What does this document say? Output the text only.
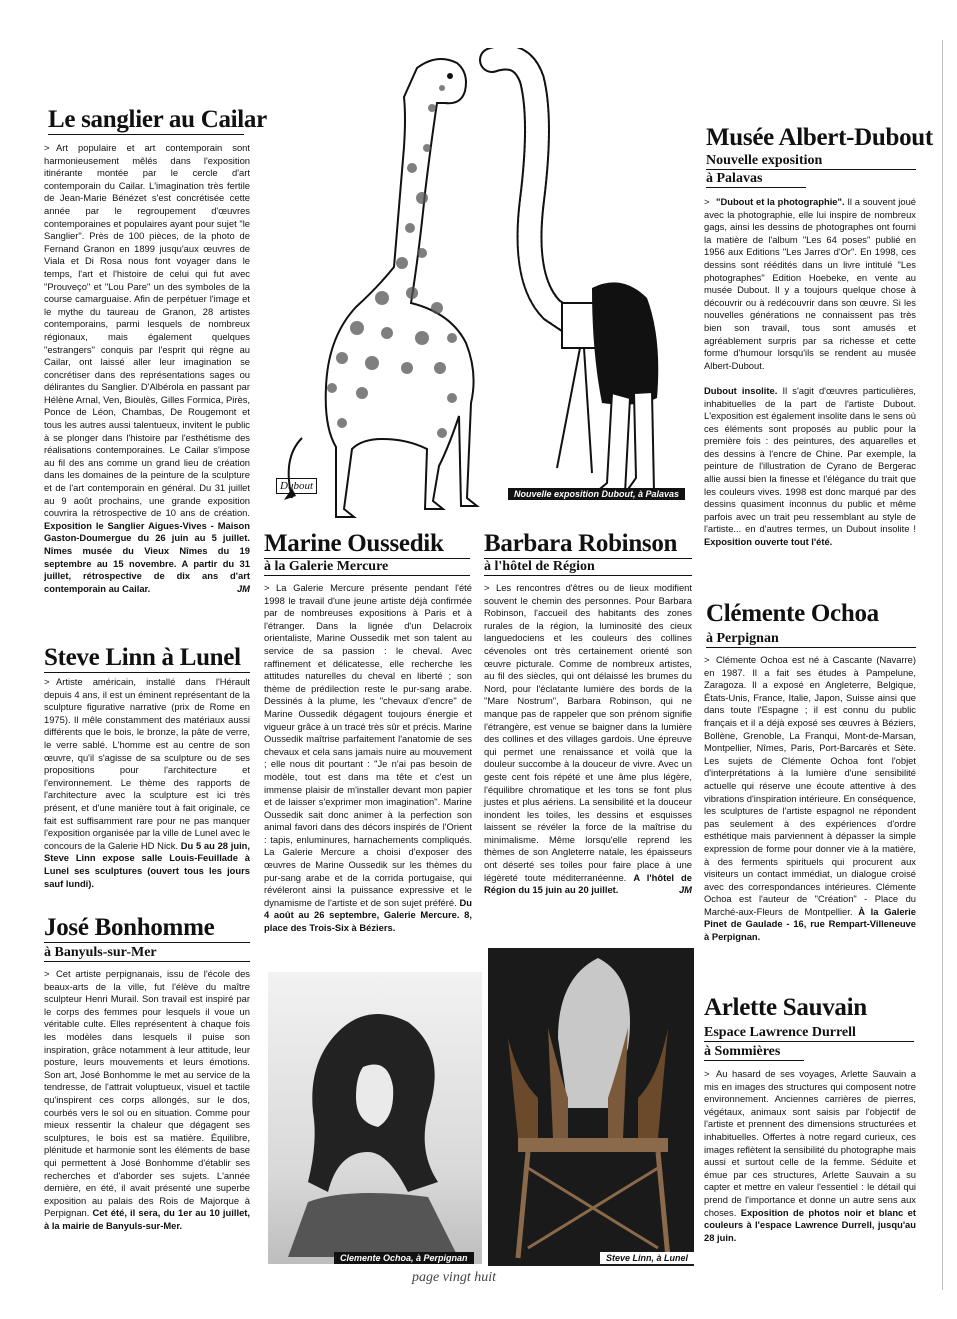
Dubout
Nouvelle exposition Dubout, à Palavas
Le sanglier au Cailar
> Art populaire et art contemporain sont harmonieusement mêlés dans l'exposition itinérante montée par le cercle d'art contemporain du Cailar. L'imagination très fertile de Jean-Marie Bénézet s'est concrétisée cette année par le regroupement d'œuvres contemporaines et populaires ayant pour sujet "le Sanglier". Près de 100 pièces, de la photo de Fernand Granon en 1899 jusqu'aux œuvres de Viala et Di Rosa nous font voyager dans le temps, l'art et l'histoire de celui qui fut avec "Prouveço" et "Lou Pare" un des symboles de la course camarguaise. Afin de perpétuer l'image et le mythe du taureau de Granon, 28 artistes contemporains, parmi lesquels de nombreux régionaux, mais également quelques "estrangers" conquis par l'esprit qui règne au Cailar, ont laissé aller leur imagination se concrétiser dans des représentations sages ou délirantes du Sanglier. D'Albérola en passant par Hélène Arnal, Ven, Bioulès, Gilles Formica, Pirès, Ponce de Léon, Chambas, De Rougemont et tous les autres aussi talentueux, invitent le public à se plonger dans l'histoire par l'esthétisme des réalisations contemporaines. Le Cailar s'impose au fil des ans comme un grand lieu de création dans les domaines de la peinture de la sculpture et de l'art contemporain en général. Du 31 juillet au 9 août prochains, une grande exposition couvrira la rétrospective de 10 ans de création. Exposition le Sanglier Aigues-Vives - Maison Gaston-Doumergue du 26 juin au 5 juillet. Nîmes musée du Vieux Nîmes du 19 septembre au 15 novembre. A partir du 31 juillet, rétrospective de dix ans d'art contemporain au Cailar.	JM
Steve Linn à Lunel
> Artiste américain, installé dans l'Hérault depuis 4 ans, il est un éminent représentant de la sculpture figurative narrative (prix de Rome en 1975). Il mêle constamment des matériaux aussi différents que le bois, le bronze, la pâte de verre, le verre sablé. L'homme est au centre de son œuvre, qu'il s'agisse de sa sculpture ou de ses propositions pour l'architecture et l'environnement. Le thème des rapports de l'architecture avec la sculpture est ici très présent, et d'une manière tout à fait originale, ce fait est suffisamment rare pour ne pas manquer l'exposition organisée par la ville de Lunel avec le concours de la Galerie HD Nick. Du 5 au 28 juin, Steve Linn expose salle Louis-Feuillade à Lunel ses sculptures (ouvert tous les jours sauf lundi).
José Bonhomme
à Banyuls-sur-Mer
> Cet artiste perpignanais, issu de l'école des beaux-arts de la ville, fut l'élève du maître sculpteur Henri Murail. Son travail est inspiré par le corps des femmes pour lesquels il voue un véritable culte. Elles représentent à chaque fois les modèles dans lesquels il puise son inspiration, grâce notamment à leur attitude, leur posture, leurs mouvements et leurs émotions. Son art, José Bonhomme le met au service de la tendresse, de l'attrait voluptueux, visuel et tactile qu'inspirent ces corps allongés, sur le dos, courbés vers le sol ou en situation. Comme pour mieux ressentir la chaleur que dégagent ses sculptures, le bois est sa matière. Équilibre, plénitude et harmonie sont les éléments de base qui permettent à José Bonhomme d'établir ses recherches et d'aborder ses sujets. L'année dernière, en été, il avait présenté une superbe exposition au palais des Rois de Majorque à Perpignan. Cet été, il sera, du 1er au 10 juillet, à la mairie de Banyuls-sur-Mer.
Marine Oussedik
à la Galerie Mercure
> La Galerie Mercure présente pendant l'été 1998 le travail d'une jeune artiste déjà confirmée par de nombreuses expositions à Paris et à l'étranger. Dans la lignée d'un Delacroix orientaliste, Marine Oussedik met son talent au service de sa passion : le cheval. Avec raffinement et délicatesse, elle recherche les attitudes naturelles du cheval en liberté ; son thème de prédilection reste le pur-sang arabe. Dessinés à la plume, les "chevaux d'encre" de Marine Oussedik dégagent toujours énergie et vigueur grâce à un tracé très sûr et précis. Marine Oussedik maîtrise parfaitement l'anatomie de ses chevaux et cela sans jamais nuire au mouvement ; elle nous dit pourtant : "Je n'ai pas besoin de modèle, tout est dans ma tête et c'est un immense plaisir de m'installer devant mon papier et de laisser s'exprimer mon imagination". Marine Oussedik sait donc animer à la perfection son animal favori dans des décors inspirés de l'Orient : tapis, enluminures, harnachements compliqués. La Galerie Mercure a choisi d'exposer des œuvres de Marine Oussedik sur les thèmes du pur-sang arabe et de la corrida portugaise, qui révéleront ainsi la puissance expressive et le dynamisme de l'artiste et de son sujet préféré. Du 4 août au 26 septembre, Galerie Mercure. 8, place des Trois-Six à Béziers.
Barbara Robinson
à l'hôtel de Région
> Les rencontres d'êtres ou de lieux modifient souvent le chemin des personnes. Pour Barbara Robinson, l'accueil des habitants des zones rurales de la région, la luminosité des cieux languedociens et les couleurs des collines cévenoles ont très certainement orienté son œuvre picturale. Comme de nombreux artistes, au fil des siècles, qui ont délaissé les brumes du Nord, pour l'éclatante lumière des bords de la "Mare Nostrum", Barbara Robinson, qui ne manque pas de rappeler que son prénom signifie l'étrangère, est venue se baigner dans la lumière des collines et des villages gardois. Une épreuve qui permet une renaissance et voilà que la douleur succombe à la douceur de vivre. Avec un geste cent fois répété et une âme plus légère, l'équilibre chromatique et les tons se font plus justes et plus aériens. La sensibilité et la douceur inondent les toiles, les dessins et esquisses laissent se révéler la force de la maîtrise du minimalisme. Même lorsqu'elle reprend les thèmes de son Angleterre natale, les épaisseurs ont déserté ses toiles pour faire place à une légèreté toute méditerranéenne. A l'hôtel de Région du 15 juin au 20 juillet.	JM
Clemente Ochoa, à Perpignan	Steve Linn, à Lunel
Musée Albert-Dubout
Nouvelle exposition
à Palavas
> "Dubout et la photographie". Il a souvent joué avec la photographie, elle lui inspire de nombreux gags, ainsi les dessins de photographes ont fourni la matière de l'album "Les 64 poses" publié en 1956 aux Editions "Les Jarres d'Or". En 1998, ces dessins sont réédités dans un livre intitulé "Les photographes" Edition Hoebeke, en vente au musée Dubout. Il y a toujours quelque chose à découvrir ou à redécouvrir dans son œuvre. Si les nouvelles générations ne connaissent pas très bien son travail, tous sont amusés et agréablement surpris par sa richesse et cette forme d'humour lorsqu'ils se rendent au musée Albert-Dubout.

Dubout insolite. Il s'agit d'œuvres particulières, inhabituelles de la part de l'artiste Dubout. L'exposition est également insolite dans le sens où ces éléments sont proposés au public pour la première fois : des peintures, des aquarelles et des dessins à l'encre de Chine. Par exemple, la peinture de l'illustration de Cyrano de Bergerac allie aussi bien la finesse et l'élégance du trait que les couleurs vives. 1998 est donc marqué par des dessins quasiment inconnus du public et même parfois avec un trait peu ressemblant au style de l'artiste... en d'autres termes, un Dubout insolite ! Exposition ouverte tout l'été.
Clémente Ochoa
à Perpignan
> Clémente Ochoa est né à Cascante (Navarre) en 1987. Il a fait ses études à Pampelune, Zaragoza. Il a exposé en Angleterre, Belgique, États-Unis, France, Italie, Japon, Suisse ainsi que dans toute l'Espagne ; il est connu du public français et il a déjà exposé ses œuvres à Béziers, Bollène, Grenoble, La Franqui, Mont-de-Marsan, Montpellier, Nîmes, Paris, Port-Barcarès et Sète. Les sujets de Clémente Ochoa font l'objet d'interprétations à la lumière d'une sensibilité actuelle qui réserve une écoute attentive à des vibrations d'inspiration intérieure. En conséquence, les sculptures de l'artiste espagnol ne répondent pas seulement à des expériences d'ordre esthétique mais parviennent à dépasser la simple expression de forme pour donner vie à la matière, à des ferments spirituels qui procurent aux visiteurs un contact immédiat, un dialogue croisé avec des correspondances intérieures. Clémente Ochoa est l'auteur de "Création" - Place du Marché-aux-Fleurs de Montpellier. À la Galerie Pinet de Gaulade - 16, rue Rempart-Villeneuve à Perpignan.
Arlette Sauvain
Espace Lawrence Durrell
à Sommières
> Au hasard de ses voyages, Arlette Sauvain a mis en images des structures qui composent notre environnement. Anciennes carrières de pierres, végétaux, animaux sont saisis par l'objectif de l'artiste et prennent des dimensions structurées et inhabituelles. Offertes à notre regard curieux, ces images reflètent la sensibilité du photographe mais aussi et surtout celle de la femme. Séduite et émue par ces structures, Arlette Sauvain a su capter et mettre en valeur l'essentiel : le détail qui prend de l'importance et donne un autre sens aux choses. Exposition de photos noir et blanc et couleurs à l'espace Lawrence Durrell, jusqu'au 28 juin.
page vingt huit
